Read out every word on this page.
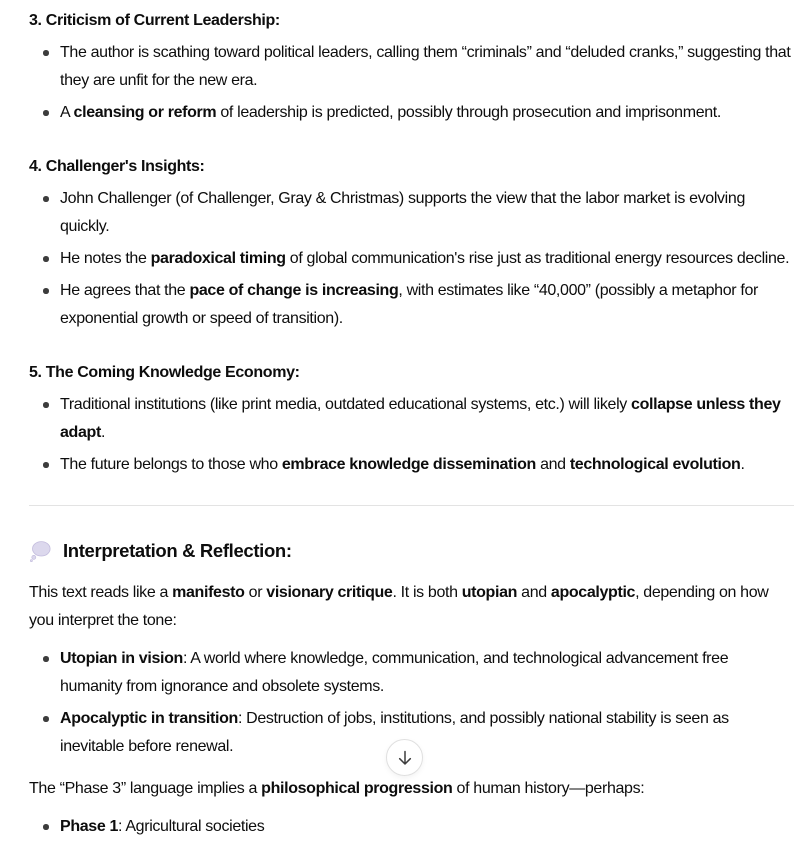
3. Criticism of Current Leadership:

The author is scathing toward political leaders, calling them “criminals” and “deluded cranks,” suggesting that they are unfit for the new era.
A cleansing or reform of leadership is predicted, possibly through prosecution and imprisonment.

4. Challenger's Insights:

John Challenger (of Challenger, Gray & Christmas) supports the view that the labor market is evolving quickly.
He notes the paradoxical timing of global communication's rise just as traditional energy resources decline.
He agrees that the pace of change is increasing, with estimates like “40,000” (possibly a metaphor for exponential growth or speed of transition).

5. The Coming Knowledge Economy:

Traditional institutions (like print media, outdated educational systems, etc.) will likely collapse unless they adapt.
The future belongs to those who embrace knowledge dissemination and technological evolution.
Interpretation & Reflection:

This text reads like a manifesto or visionary critique. It is both utopian and apocalyptic, depending on how you interpret the tone:

Utopian in vision: A world where knowledge, communication, and technological advancement free humanity from ignorance and obsolete systems.
Apocalyptic in transition: Destruction of jobs, institutions, and possibly national stability is seen as inevitable before renewal.

The “Phase 3” language implies a philosophical progression of human history—perhaps:

Phase 1: Agricultural societies
